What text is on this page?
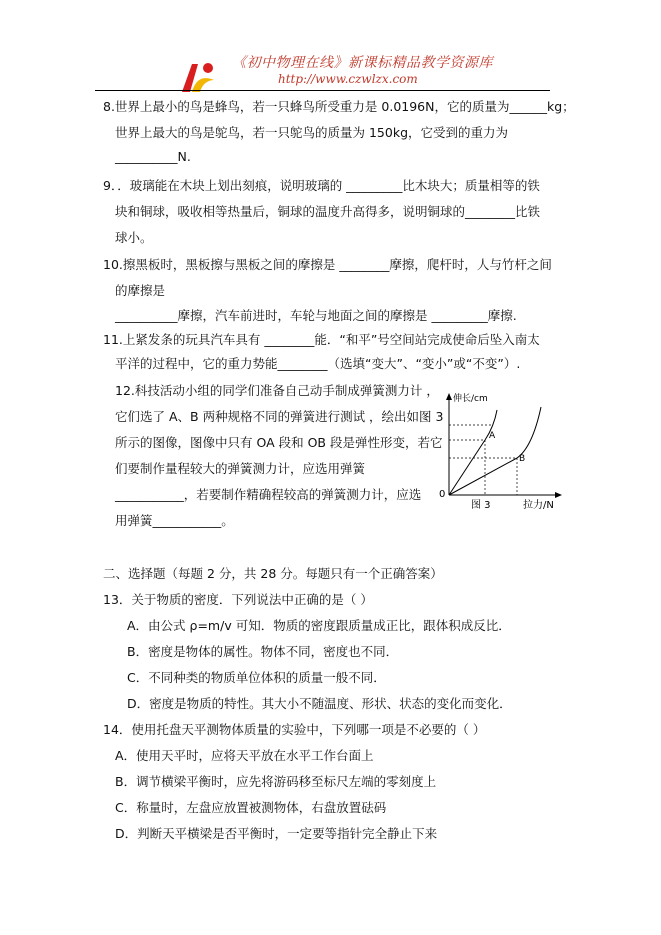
《初中物理在线》新课标精品教学资源库
http://www.czwlzx.com
8.世界上最小的鸟是蜂鸟，若一只蜂鸟所受重力是 0.0196N，它的质量为______kg；
世界上最大的鸟是鸵鸟，若一只鸵鸟的质量为 150kg，它受到的重力为
__________N.
9．．玻璃能在木块上划出刻痕，说明玻璃的 _________比木块大；质量相等的铁
块和铜球，吸收相等热量后，铜球的温度升高得多，说明铜球的________比铁
球小。
10.擦黑板时，黑板擦与黑板之间的摩擦是 ________摩擦，爬杆时，人与竹杆之间
的摩擦是
__________摩擦，汽车前进时，车轮与地面之间的摩擦是 _________摩擦.
11.上紧发条的玩具汽车具有 ________能．“和平”号空间站完成使命后坠入南太
平洋的过程中，它的重力势能________（选填“变大”、“变小”或“不变”）.
12.科技活动小组的同学们准备自己动手制成弹簧测力计 ，
它们选了 A、B 两种规格不同的弹簧进行测试 ，绘出如图 3
所示的图像，图像中只有 OA 段和 OB 段是弹性形变，若它
们要制作量程较大的弹簧测力计，应选用弹簧
___________，若要制作精确程较高的弹簧测力计，应选
用弹簧___________。
伸长/cm
拉力/N
0
图 3
A
B
二、选择题（每题 2 分，共 28 分。每题只有一个正确答案）
13．关于物质的密度．下列说法中正确的是（ ）
A．由公式 ρ=m/v 可知．物质的密度跟质量成正比，跟体积成反比．
B．密度是物体的属性。物体不同，密度也不同．
C．不同种类的物质单位体积的质量一般不同．
D．密度是物质的特性。其大小不随温度、形状、状态的变化而变化．
14．使用托盘天平测物体质量的实验中，下列哪一项是不必要的（ ）
A．使用天平时，应将天平放在水平工作台面上
B．调节横梁平衡时，应先将游码移至标尺左端的零刻度上
C．称量时，左盘应放置被测物体，右盘放置砝码
D．判断天平横梁是否平衡时，一定要等指针完全静止下来
